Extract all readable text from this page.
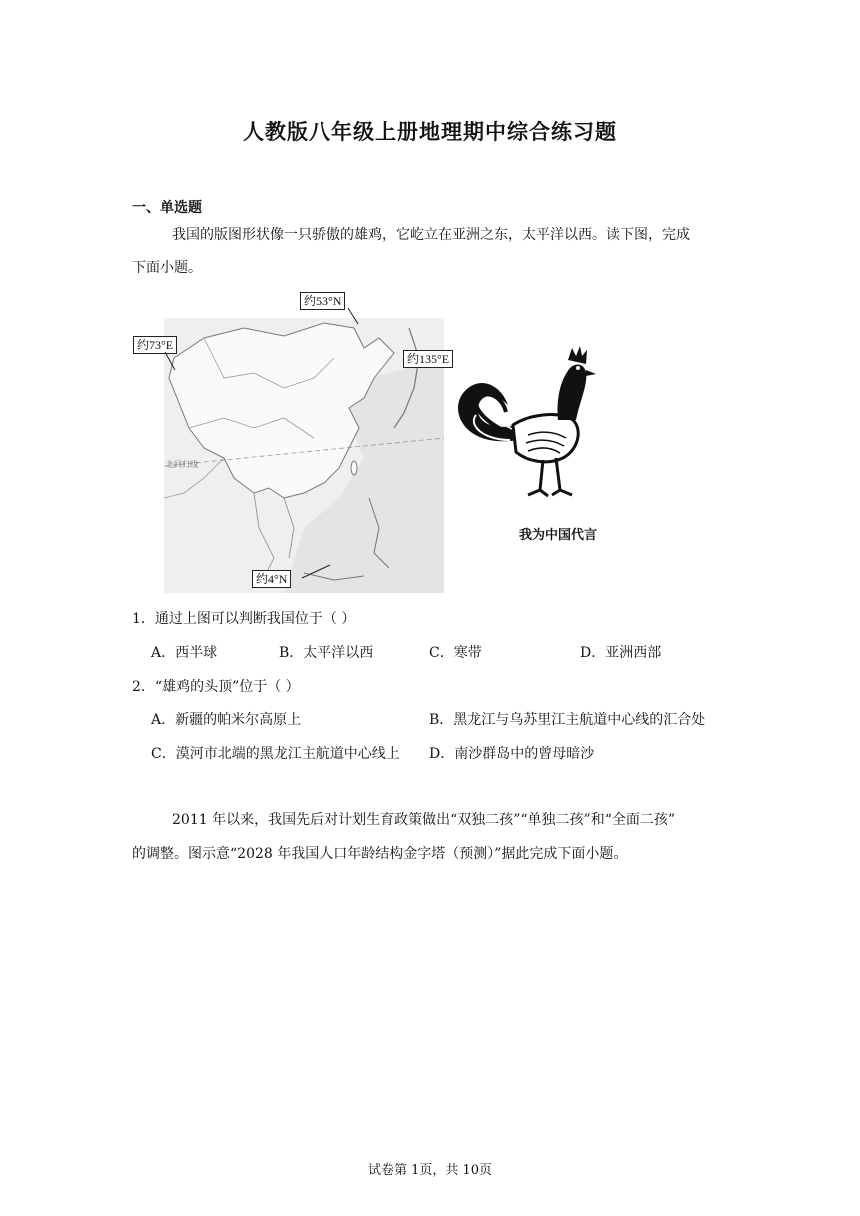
人教版八年级上册地理期中综合练习题
一、单选题
我国的版图形状像一只骄傲的雄鸡，它屹立在亚洲之东，太平洋以西。读下图，完成
下面小题。
北回归线
约53°N
约73°E
约135°E
约4°N
我为中国代言
1．通过上图可以判断我国位于（ ）
A．西半球	B．太平洋以西	C．寒带	D．亚洲西部
2．“雄鸡的头顶”位于（ ）
A．新疆的帕米尔高原上	B．黑龙江与乌苏里江主航道中心线的汇合处
C．漠河市北端的黑龙江主航道中心线上 D．南沙群岛中的曾母暗沙
2011 年以来，我国先后对计划生育政策做出“双独二孩”“单独二孩”和“全面二孩”
的调整。图示意“2028 年我国人口年龄结构金字塔（预测）”据此完成下面小题。
试卷第 1页，共 10页
